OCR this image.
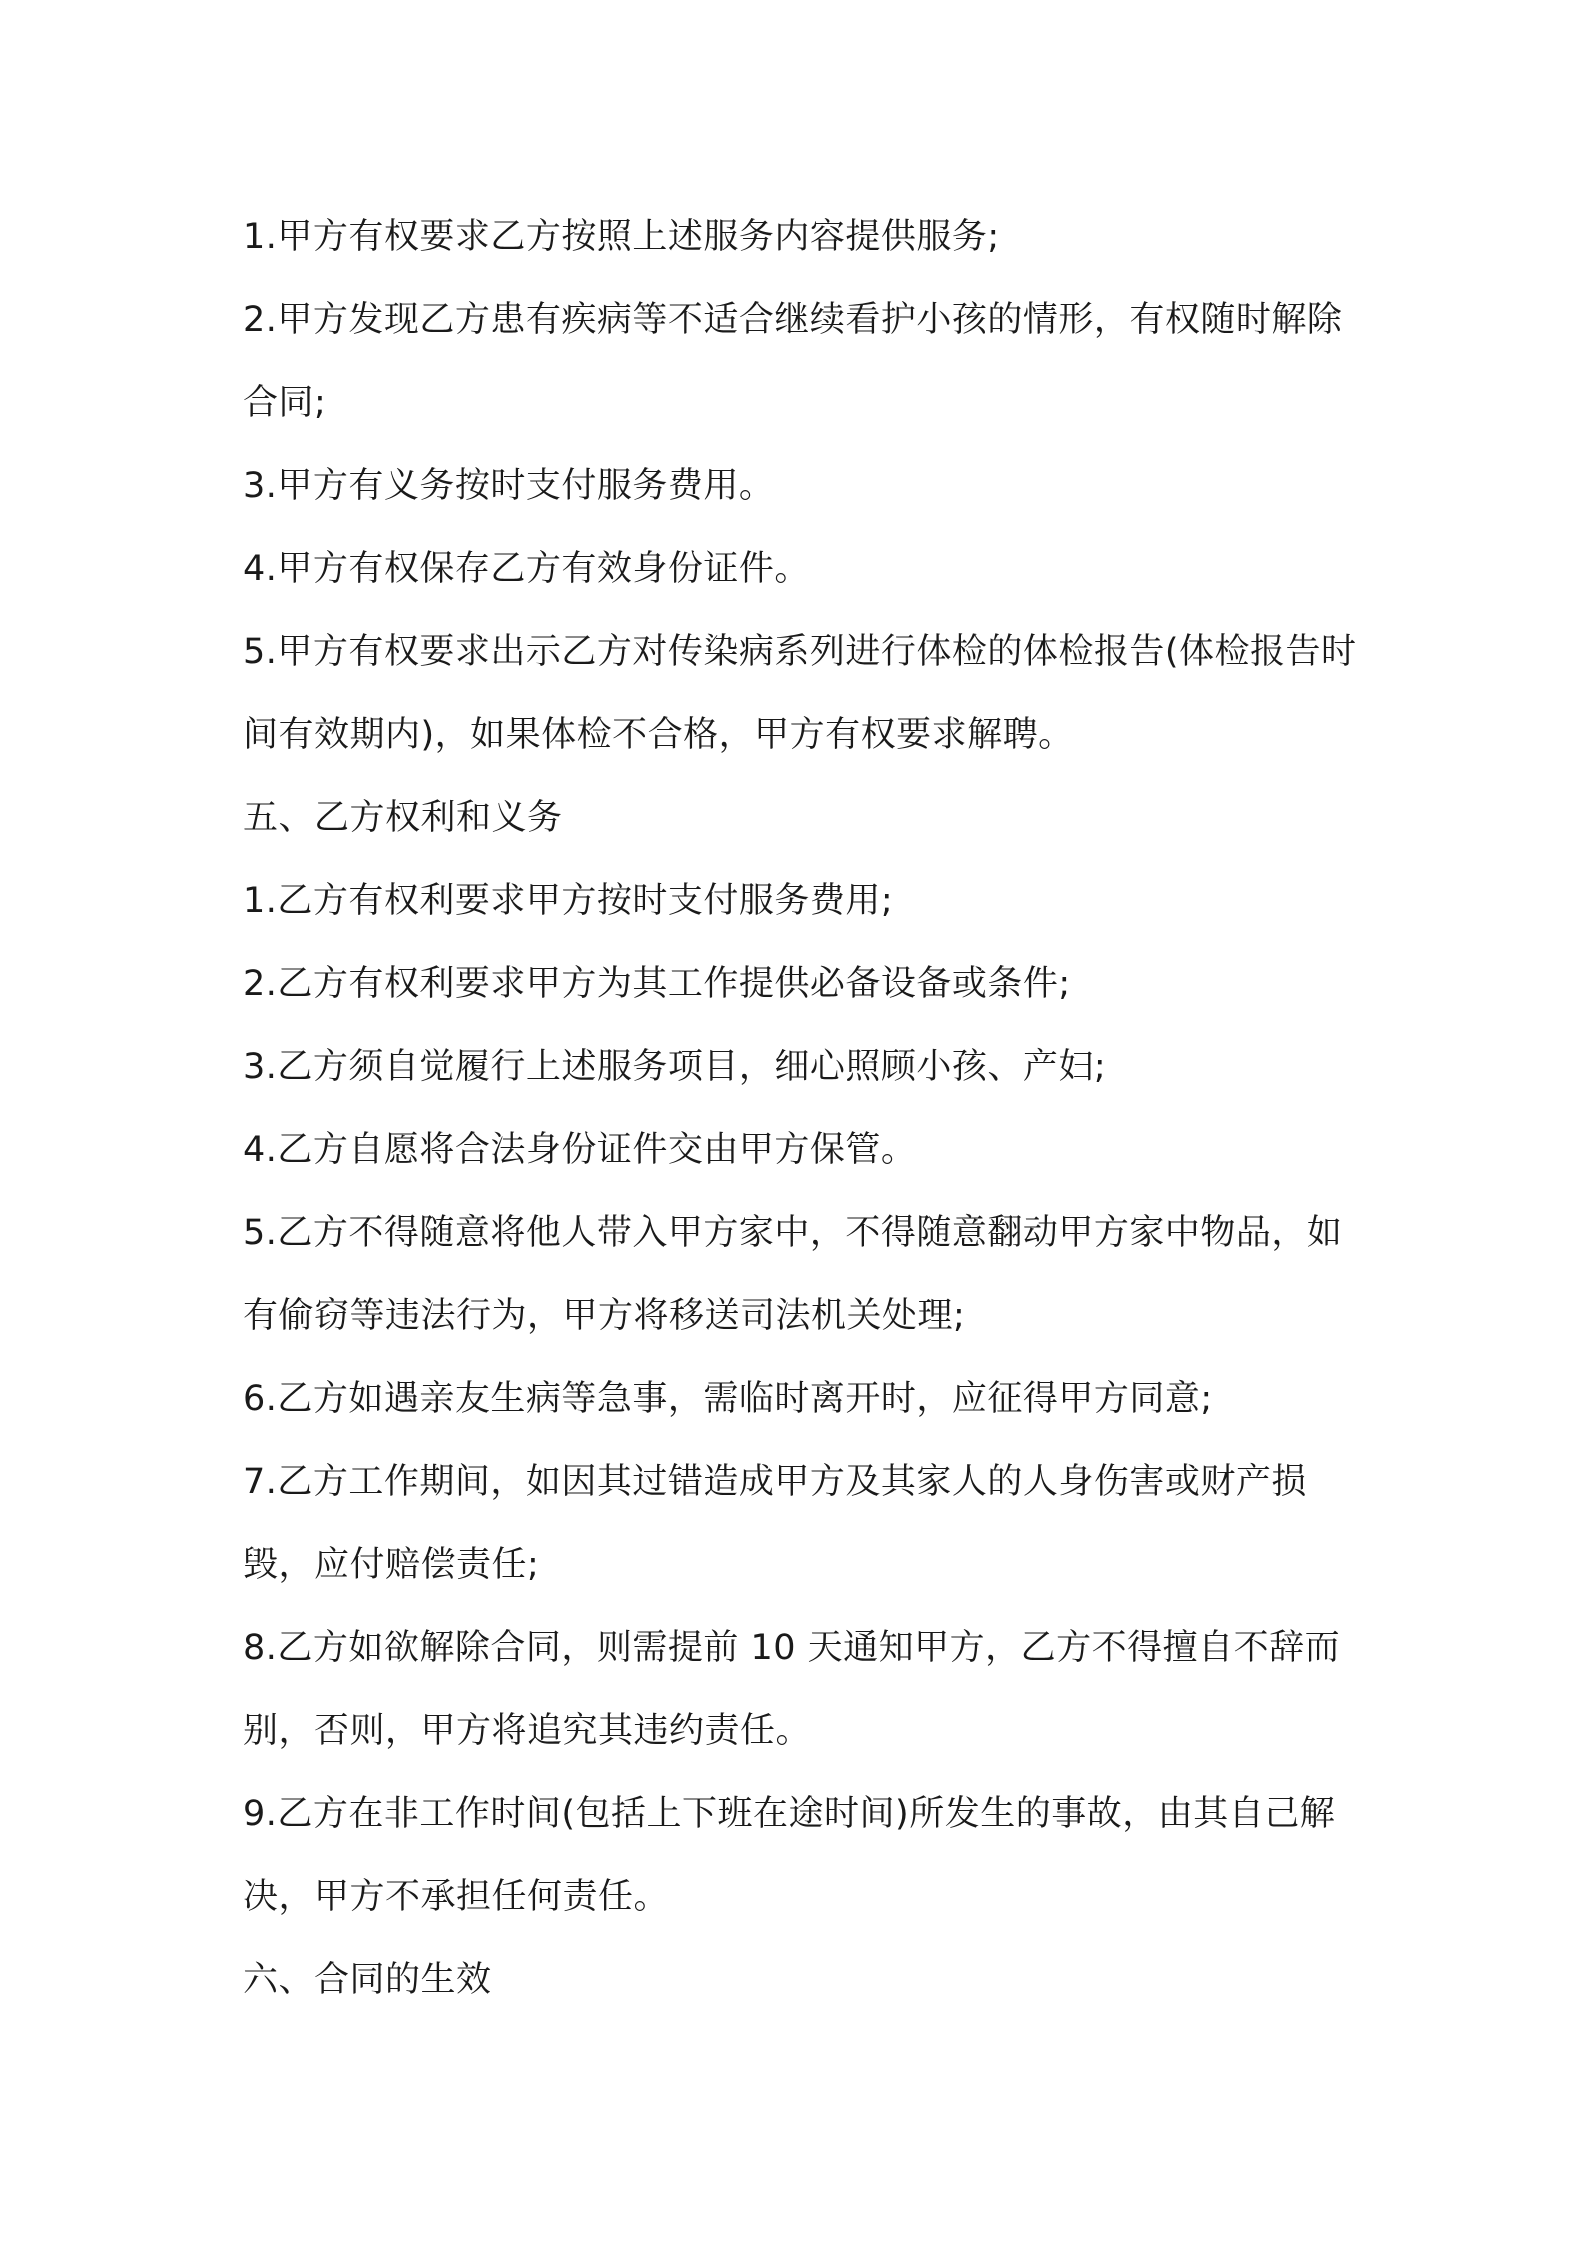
1.甲方有权要求乙方按照上述服务内容提供服务;

2.甲方发现乙方患有疾病等不适合继续看护小孩的情形，有权随时解除合同;

3.甲方有义务按时支付服务费用。

4.甲方有权保存乙方有效身份证件。

5.甲方有权要求出示乙方对传染病系列进行体检的体检报告(体检报告时间有效期内)，如果体检不合格，甲方有权要求解聘。

五、乙方权利和义务

1.乙方有权利要求甲方按时支付服务费用;

2.乙方有权利要求甲方为其工作提供必备设备或条件;

3.乙方须自觉履行上述服务项目，细心照顾小孩、产妇;

4.乙方自愿将合法身份证件交由甲方保管。

5.乙方不得随意将他人带入甲方家中，不得随意翻动甲方家中物品，如有偷窃等违法行为，甲方将移送司法机关处理;

6.乙方如遇亲友生病等急事，需临时离开时，应征得甲方同意;

7.乙方工作期间，如因其过错造成甲方及其家人的人身伤害或财产损毁，应付赔偿责任;

8.乙方如欲解除合同，则需提前 10 天通知甲方，乙方不得擅自不辞而别，否则，甲方将追究其违约责任。

9.乙方在非工作时间(包括上下班在途时间)所发生的事故，由其自己解决，甲方不承担任何责任。

六、合同的生效
